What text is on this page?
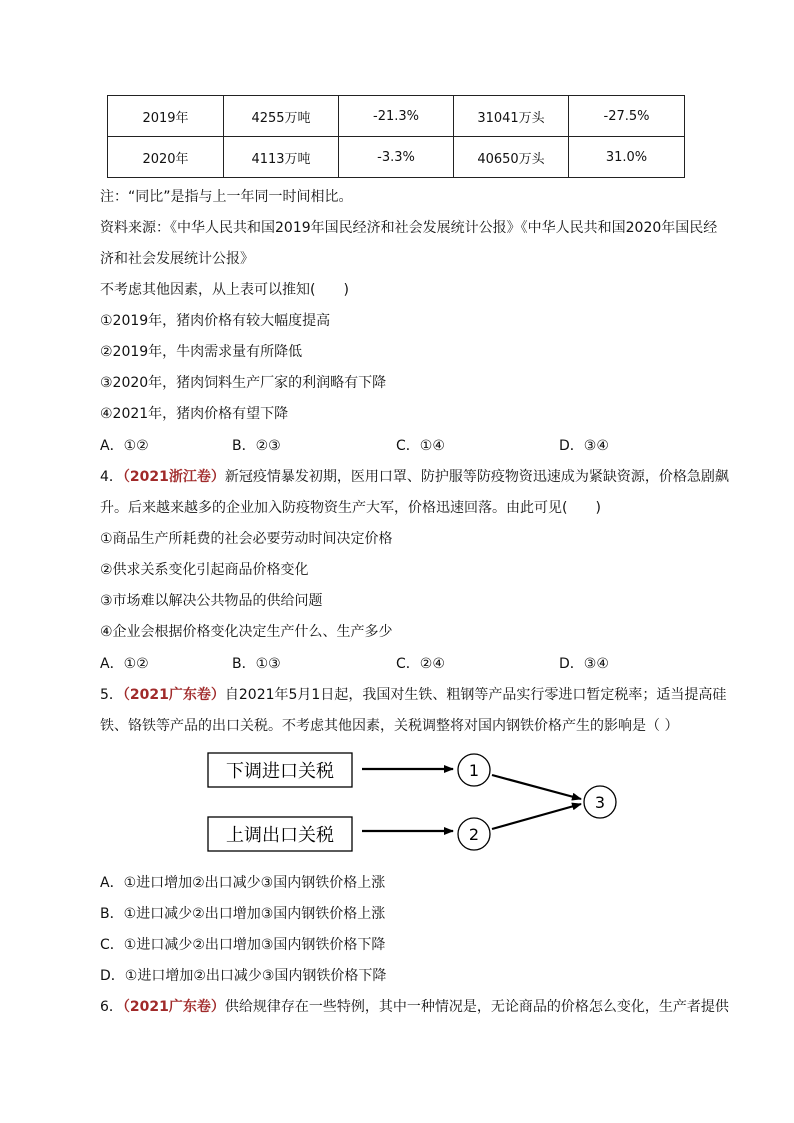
2019年	4255万吨	-21.3%	31041万头	-27.5%
2020年	4113万吨	-3.3%	40650万头	31.0%
注：“同比”是指与上一年同一时间相比。
资料来源：《中华人民共和国2019年国民经济和社会发展统计公报》《中华人民共和国2020年国民经
济和社会发展统计公报》
不考虑其他因素，从上表可以推知(　　)
①2019年，猪肉价格有较大幅度提高
②2019年，牛肉需求量有所降低
③2020年，猪肉饲料生产厂家的利润略有下降
④2021年，猪肉价格有望下降
A．①②	B．②③	C．①④	D．③④
4．（2021浙江卷）新冠疫情暴发初期，医用口罩、防护服等防疫物资迅速成为紧缺资源，价格急剧飙
升。后来越来越多的企业加入防疫物资生产大军，价格迅速回落。由此可见(　　)
①商品生产所耗费的社会必要劳动时间决定价格
②供求关系变化引起商品价格变化
③市场难以解决公共物品的供给问题
④企业会根据价格变化决定生产什么、生产多少
A．①②	B．①③	C．②④	D．③④
5．（2021广东卷）自2021年5月1日起，我国对生铁、粗钢等产品实行零进口暂定税率；适当提高硅
铁、铬铁等产品的出口关税。不考虑其他因素，关税调整将对国内钢铁价格产生的影响是（ ）
下调进口关税
上调出口关税
1
2
3
A．①进口增加②出口减少③国内钢铁价格上涨
B．①进口减少②出口增加③国内钢铁价格上涨
C．①进口减少②出口增加③国内钢铁价格下降
D．①进口增加②出口减少③国内钢铁价格下降
6．（2021广东卷）供给规律存在一些特例，其中一种情况是，无论商品的价格怎么变化，生产者提供
